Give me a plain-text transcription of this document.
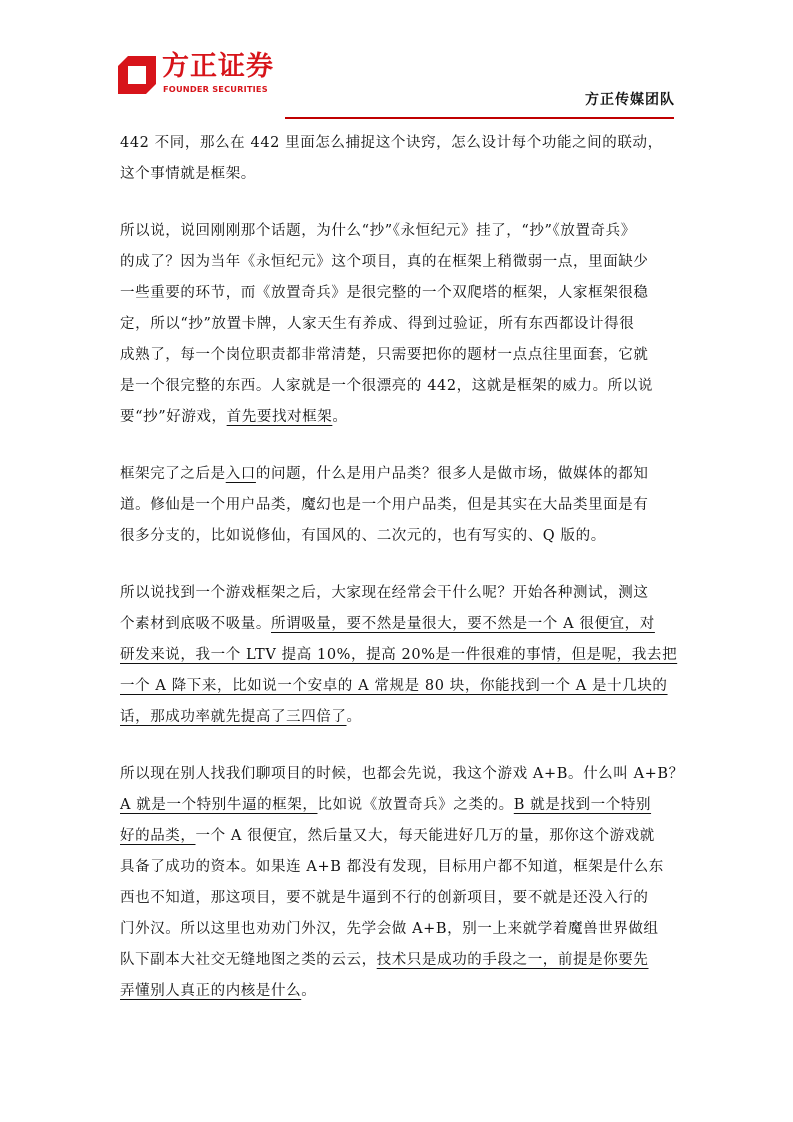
方正证券
FOUNDER SECURITIES
方正传媒团队
442 不同，那么在 442 里面怎么捕捉这个诀窍，怎么设计每个功能之间的联动，
这个事情就是框架。
所以说，说回刚刚那个话题，为什么“抄”《永恒纪元》挂了，“抄”《放置奇兵》
的成了？因为当年《永恒纪元》这个项目，真的在框架上稍微弱一点，里面缺少
一些重要的环节，而《放置奇兵》是很完整的一个双爬塔的框架，人家框架很稳
定，所以“抄”放置卡牌，人家天生有养成、得到过验证，所有东西都设计得很
成熟了，每一个岗位职责都非常清楚，只需要把你的题材一点点往里面套，它就
是一个很完整的东西。人家就是一个很漂亮的 442，这就是框架的威力。所以说
要“抄”好游戏，首先要找对框架。
框架完了之后是入口的问题，什么是用户品类？很多人是做市场，做媒体的都知
道。修仙是一个用户品类，魔幻也是一个用户品类，但是其实在大品类里面是有
很多分支的，比如说修仙，有国风的、二次元的，也有写实的、Q 版的。
所以说找到一个游戏框架之后，大家现在经常会干什么呢？开始各种测试，测这
个素材到底吸不吸量。所谓吸量，要不然是量很大，要不然是一个 A 很便宜，对
研发来说，我一个 LTV 提高 10%，提高 20%是一件很难的事情，但是呢，我去把
一个 A 降下来，比如说一个安卓的 A 常规是 80 块，你能找到一个 A 是十几块的
话，那成功率就先提高了三四倍了。
所以现在别人找我们聊项目的时候，也都会先说，我这个游戏 A+B。什么叫 A+B？
A 就是一个特别牛逼的框架，比如说《放置奇兵》之类的。B 就是找到一个特别
好的品类，一个 A 很便宜，然后量又大，每天能进好几万的量，那你这个游戏就
具备了成功的资本。如果连 A+B 都没有发现，目标用户都不知道，框架是什么东
西也不知道，那这项目，要不就是牛逼到不行的创新项目，要不就是还没入行的
门外汉。所以这里也劝劝门外汉，先学会做 A+B，别一上来就学着魔兽世界做组
队下副本大社交无缝地图之类的云云，技术只是成功的手段之一，前提是你要先
弄懂别人真正的内核是什么。
